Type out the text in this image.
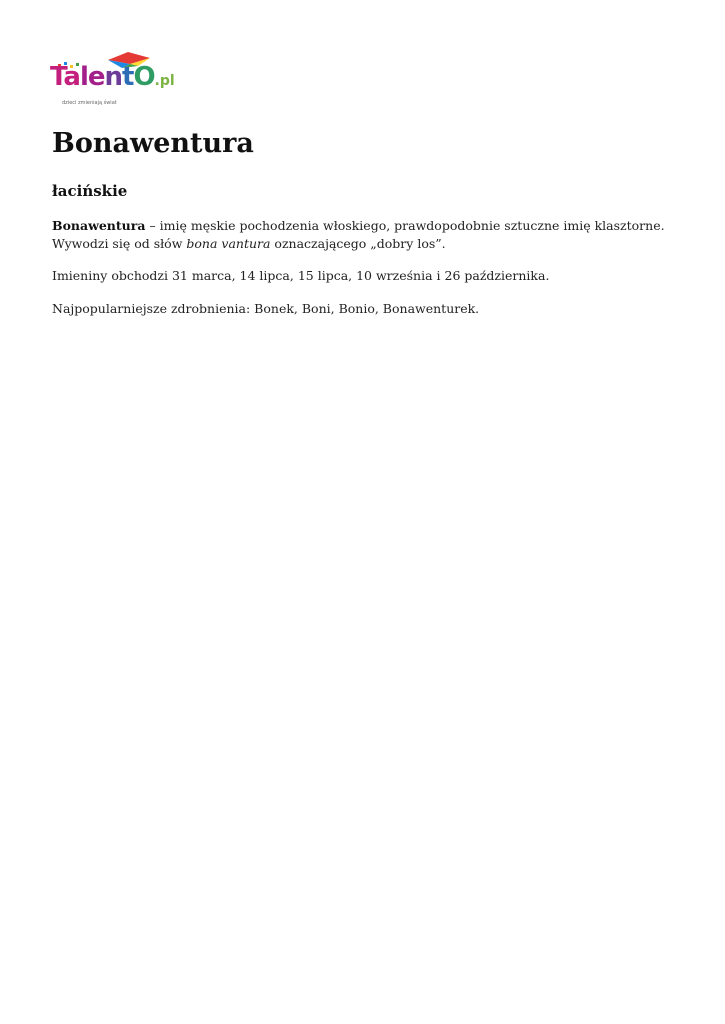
TalentO.pl
dzieci zmieniają świat
Bonawentura
łacińskie

Bonawentura – imię męskie pochodzenia włoskiego, prawdopodobnie sztuczne imię klasztorne. Wywodzi się od słów bona vantura oznaczającego „dobry los”.

Imieniny obchodzi 31 marca, 14 lipca, 15 lipca, 10 września i 26 października.

Najpopularniejsze zdrobnienia: Bonek, Boni, Bonio, Bonawenturek.
